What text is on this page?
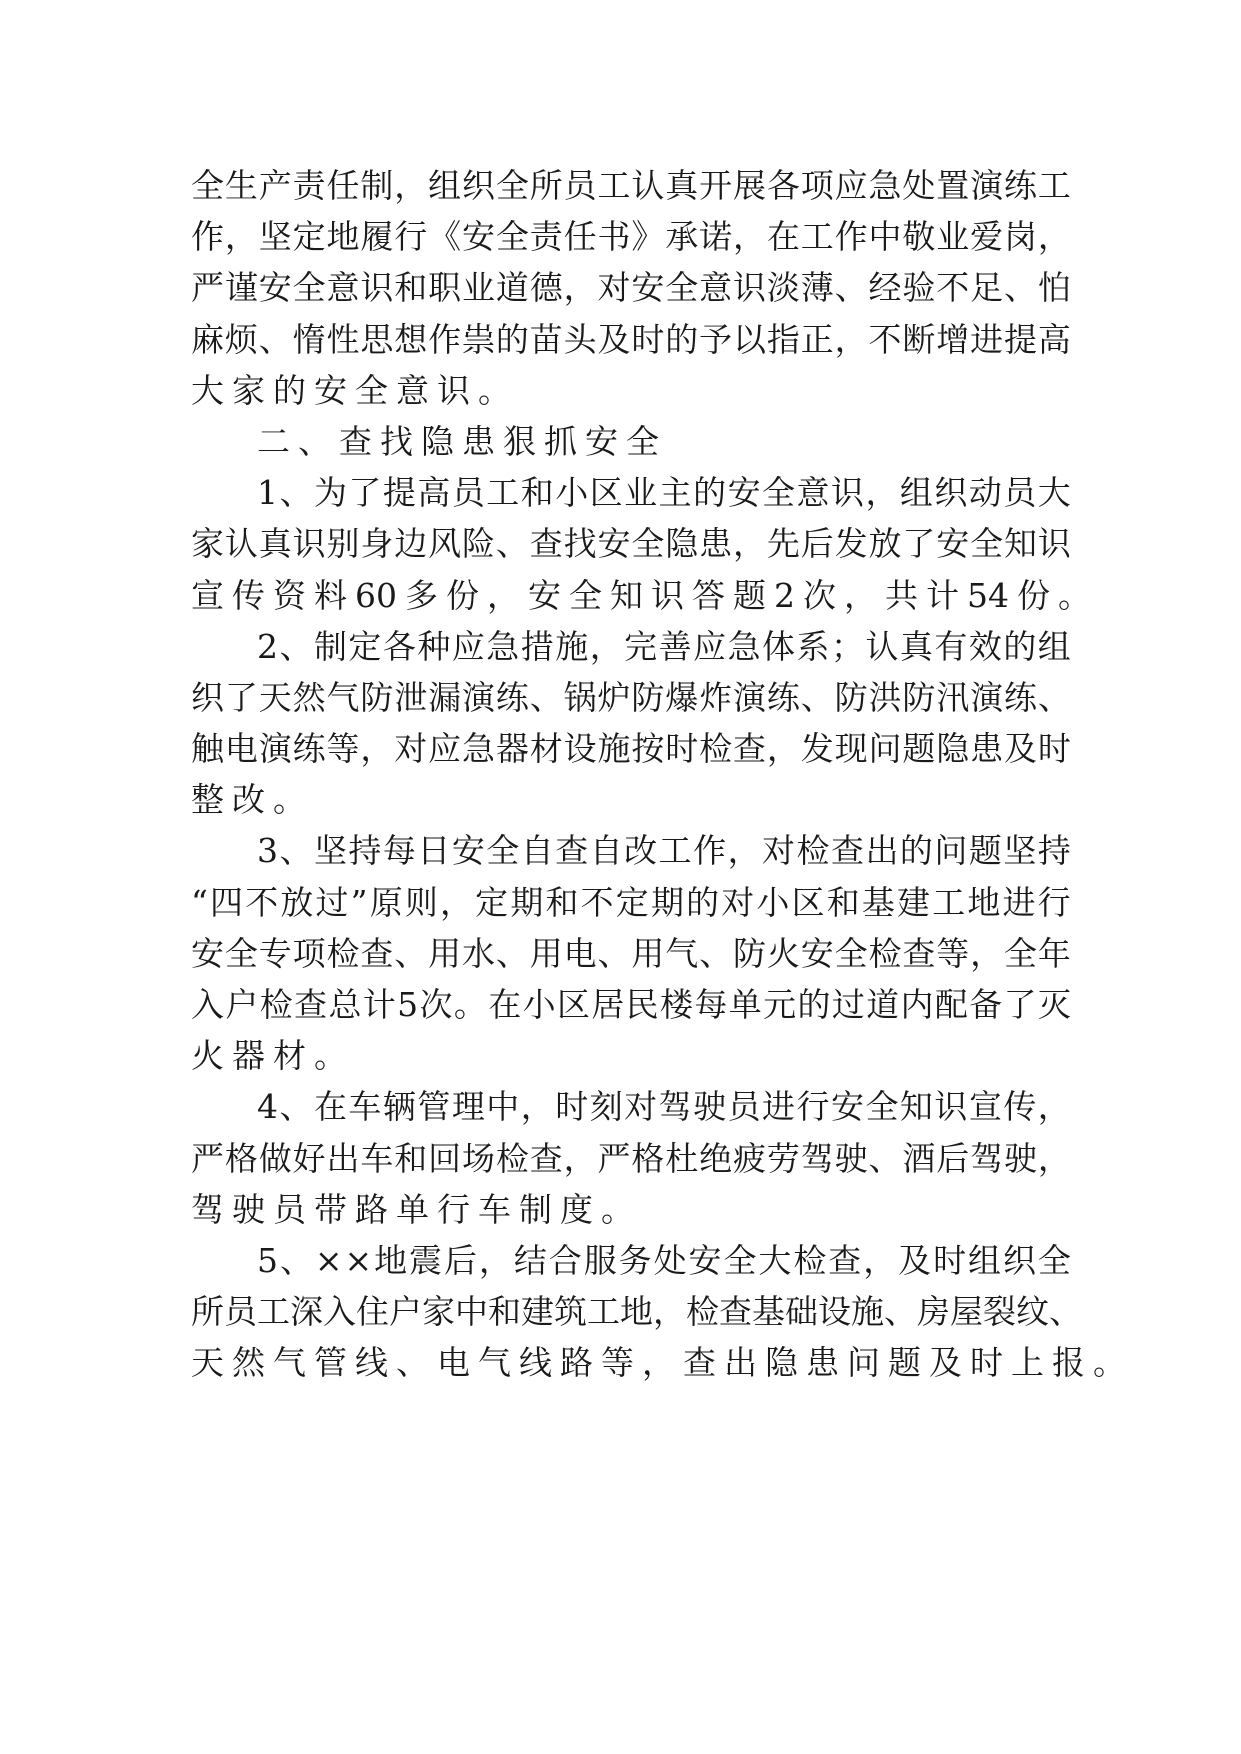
全 生 产 责 任 制 ， 组 织 全 所 员 工 认 真 开 展 各 项 应 急 处 置 演 练 工
作 ， 坚 定 地 履 行 《 安 全 责 任 书 》 承 诺 ， 在 工 作 中 敬 业 爱 岗 ，
严 谨 安 全 意 识 和 职 业 道 德 ， 对 安 全 意 识 淡 薄 、 经 验 不 足 、 怕
麻 烦 、 惰 性 思 想 作 祟 的 苗 头 及 时 的 予 以 指 正 ， 不 断 增 进 提 高
大 家 的 安 全 意 识 。
二 、 查 找 隐 患 狠 抓 安 全
1 、 为 了 提 高 员 工 和 小 区 业 主 的 安 全 意 识 ， 组 织 动 员 大
家 认 真 识 别 身 边 风 险 、 查 找 安 全 隐 患 ， 先 后 发 放 了 安 全 知 识
宣 传 资 料 60 多 份 ， 安 全 知 识 答 题 2 次 ， 共 计 54 份 。
2 、 制 定 各 种 应 急 措 施 ， 完 善 应 急 体 系 ； 认 真 有 效 的 组
织 了 天 然 气 防 泄 漏 演 练 、 锅 炉 防 爆 炸 演 练 、 防 洪 防 汛 演 练 、
触 电 演 练 等 ， 对 应 急 器 材 设 施 按 时 检 查 ， 发 现 问 题 隐 患 及 时
整 改 。
3 、 坚 持 每 日 安 全 自 查 自 改 工 作 ， 对 检 查 出 的 问 题 坚 持
“ 四 不 放 过 ” 原 则 ， 定 期 和 不 定 期 的 对 小 区 和 基 建 工 地 进 行
安 全 专 项 检 查 、 用 水 、 用 电 、 用 气 、 防 火 安 全 检 查 等 ， 全 年
入 户 检 查 总 计 5 次 。 在 小 区 居 民 楼 每 单 元 的 过 道 内 配 备 了 灭
火 器 材 。
4 、 在 车 辆 管 理 中 ， 时 刻 对 驾 驶 员 进 行 安 全 知 识 宣 传 ，
严 格 做 好 出 车 和 回 场 检 查 ， 严 格 杜 绝 疲 劳 驾 驶 、 酒 后 驾 驶 ，
驾 驶 员 带 路 单 行 车 制 度 。
5 、 × × 地 震 后 ， 结 合 服 务 处 安 全 大 检 查 ， 及 时 组 织 全
所 员 工 深 入 住 户 家 中 和 建 筑 工 地 ， 检 查 基 础 设 施 、 房 屋 裂 纹 、
天 然 气 管 线 、 电 气 线 路 等 ， 查 出 隐 患 问 题 及 时 上 报 。
